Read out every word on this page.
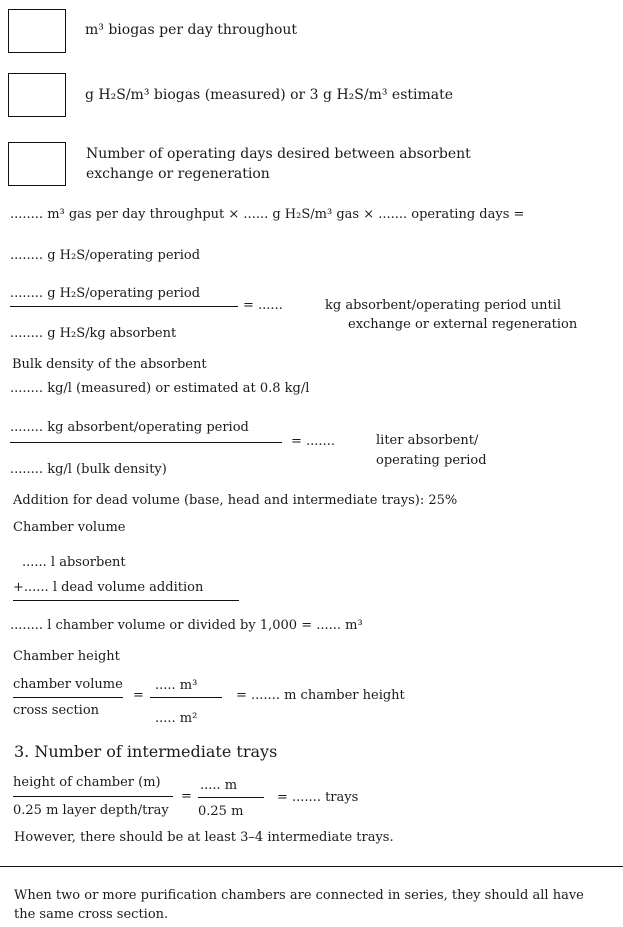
m³ biogas per day throughout
g H₂S/m³ biogas (measured) or 3 g H₂S/m³ estimate
Number of operating days desired between absorbent
exchange or regeneration
........ m³ gas per day throughput × ...... g H₂S/m³ gas × ....... operating days =
........ g H₂S/operating period
........ g H₂S/operating period
= ......	kg absorbent/operating period until
exchange or external regeneration
........ g H₂S/kg absorbent
Bulk density of the absorbent
........ kg/l (measured) or estimated at 0.8 kg/l
........ kg absorbent/operating period
= .......	liter absorbent/
operating period
........ kg/l (bulk density)
Addition for dead volume (base, head and intermediate trays): 25%
Chamber volume
...... l absorbent
+...... l dead volume addition
........ l chamber volume or divided by 1,000 = ...... m³
Chamber height
chamber volume
cross section
=
..... m³
..... m²
= ....... m chamber height
3. Number of intermediate trays
height of chamber (m)
0.25 m layer depth/tray
=
..... m
0.25 m
= ....... trays
However, there should be at least 3–4 intermediate trays.
When two or more purification chambers are connected in series, they should all have
the same cross section.
